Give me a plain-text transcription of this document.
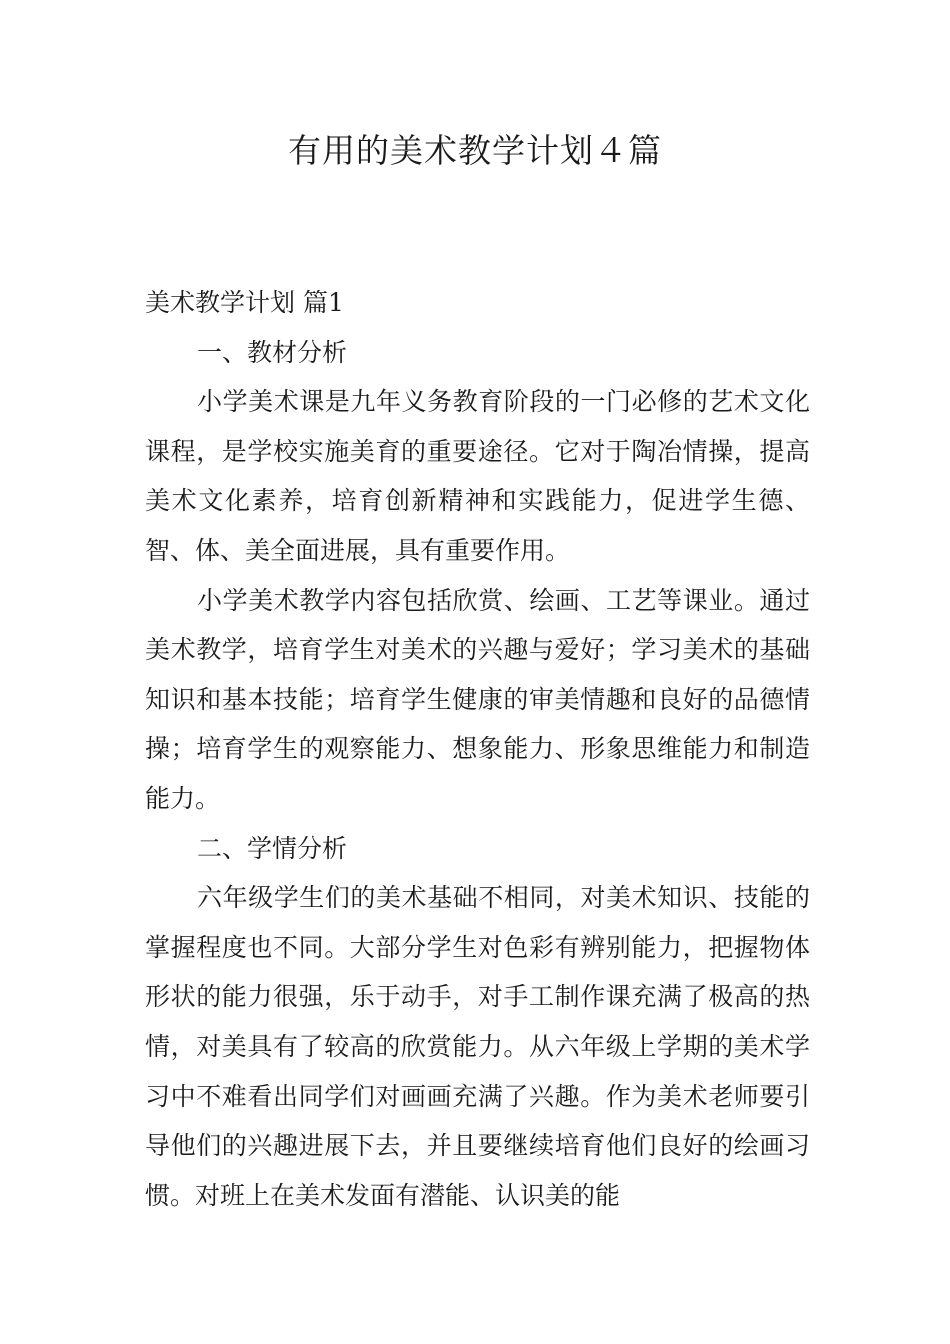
有用的美术教学计划４篇

美术教学计划 篇1

一、教材分析

小学美术课是九年义务教育阶段的一门必修的艺术文化课程，是学校实施美育的重要途径。它对于陶冶情操，提高美术文化素养，培育创新精神和实践能力，促进学生德、智、体、美全面进展，具有重要作用。

小学美术教学内容包括欣赏、绘画、工艺等课业。通过美术教学，培育学生对美术的兴趣与爱好；学习美术的基础知识和基本技能；培育学生健康的审美情趣和良好的品德情操；培育学生的观察能力、想象能力、形象思维能力和制造能力。

二、学情分析

六年级学生们的美术基础不相同，对美术知识、技能的掌握程度也不同。大部分学生对色彩有辨别能力，把握物体形状的能力很强，乐于动手，对手工制作课充满了极高的热情，对美具有了较高的欣赏能力。从六年级上学期的美术学习中不难看出同学们对画画充满了兴趣。作为美术老师要引导他们的兴趣进展下去，并且要继续培育他们良好的绘画习惯。对班上在美术发面有潜能、认识美的能
